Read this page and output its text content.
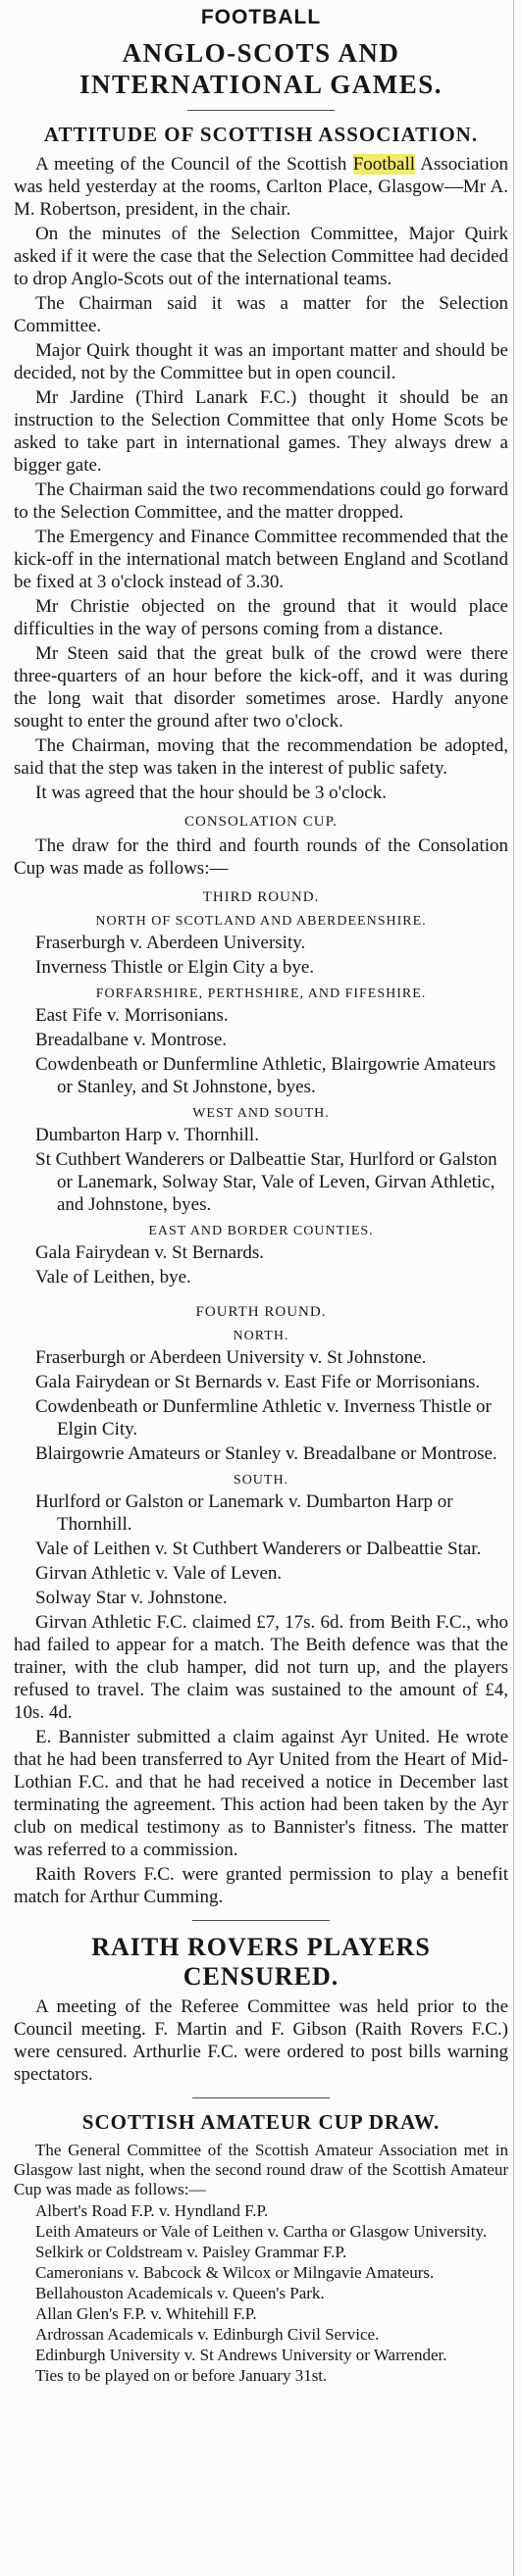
FOOTBALL
ANGLO-SCOTS AND INTERNATIONAL GAMES.
ATTITUDE OF SCOTTISH ASSOCIATION.

A meeting of the Council of the Scottish Football Association was held yesterday at the rooms, Carlton Place, Glasgow—Mr A. M. Robertson, president, in the chair.

On the minutes of the Selection Committee, Major Quirk asked if it were the case that the Selection Committee had decided to drop Anglo-Scots out of the international teams.

The Chairman said it was a matter for the Selection Committee.

Major Quirk thought it was an important matter and should be decided, not by the Committee but in open council.

Mr Jardine (Third Lanark F.C.) thought it should be an instruction to the Selection Committee that only Home Scots be asked to take part in international games. They always drew a bigger gate.

The Chairman said the two recommendations could go forward to the Selection Committee, and the matter dropped.

The Emergency and Finance Committee recommended that the kick-off in the international match between England and Scotland be fixed at 3 o'clock instead of 3.30.

Mr Christie objected on the ground that it would place difficulties in the way of persons coming from a distance.

Mr Steen said that the great bulk of the crowd were there three-quarters of an hour before the kick-off, and it was during the long wait that disorder sometimes arose. Hardly anyone sought to enter the ground after two o'clock.

The Chairman, moving that the recommendation be adopted, said that the step was taken in the interest of public safety.

It was agreed that the hour should be 3 o'clock.

CONSOLATION CUP.

The draw for the third and fourth rounds of the Consolation Cup was made as follows:—

THIRD ROUND.
NORTH OF SCOTLAND AND ABERDEENSHIRE.

Fraserburgh v. Aberdeen University.

Inverness Thistle or Elgin City a bye.

FORFARSHIRE, PERTHSHIRE, AND FIFESHIRE.

East Fife v. Morrisonians.

Breadalbane v. Montrose.

Cowdenbeath or Dunfermline Athletic, Blairgowrie Amateurs or Stanley, and St Johnstone, byes.

WEST AND SOUTH.

Dumbarton Harp v. Thornhill.

St Cuthbert Wanderers or Dalbeattie Star, Hurlford or Galston or Lanemark, Solway Star, Vale of Leven, Girvan Athletic, and Johnstone, byes.

EAST AND BORDER COUNTIES.

Gala Fairydean v. St Bernards.

Vale of Leithen, bye.

FOURTH ROUND.
NORTH.

Fraserburgh or Aberdeen University v. St Johnstone.

Gala Fairydean or St Bernards v. East Fife or Morrisonians.

Cowdenbeath or Dunfermline Athletic v. Inverness Thistle or Elgin City.

Blairgowrie Amateurs or Stanley v. Breadalbane or Montrose.

SOUTH.

Hurlford or Galston or Lanemark v. Dumbarton Harp or Thornhill.

Vale of Leithen v. St Cuthbert Wanderers or Dalbeattie Star.

Girvan Athletic v. Vale of Leven.

Solway Star v. Johnstone.

Girvan Athletic F.C. claimed £7, 17s. 6d. from Beith F.C., who had failed to appear for a match. The Beith defence was that the trainer, with the club hamper, did not turn up, and the players refused to travel. The claim was sustained to the amount of £4, 10s. 4d.

E. Bannister submitted a claim against Ayr United. He wrote that he had been transferred to Ayr United from the Heart of Mid-Lothian F.C. and that he had received a notice in December last terminating the agreement. This action had been taken by the Ayr club on medical testimony as to Bannister's fitness. The matter was referred to a commission.

Raith Rovers F.C. were granted permission to play a benefit match for Arthur Cumming.

RAITH ROVERS PLAYERS CENSURED.

A meeting of the Referee Committee was held prior to the Council meeting. F. Martin and F. Gibson (Raith Rovers F.C.) were censured. Arthurlie F.C. were ordered to post bills warning spectators.

SCOTTISH AMATEUR CUP DRAW.

The General Committee of the Scottish Amateur Association met in Glasgow last night, when the second round draw of the Scottish Amateur Cup was made as follows:—

Albert's Road F.P. v. Hyndland F.P.

Leith Amateurs or Vale of Leithen v. Cartha or Glasgow University.

Selkirk or Coldstream v. Paisley Grammar F.P.

Cameronians v. Babcock & Wilcox or Milngavie Amateurs.

Bellahouston Academicals v. Queen's Park.

Allan Glen's F.P. v. Whitehill F.P.

Ardrossan Academicals v. Edinburgh Civil Service.

Edinburgh University v. St Andrews University or Warrender.

Ties to be played on or before January 31st.
